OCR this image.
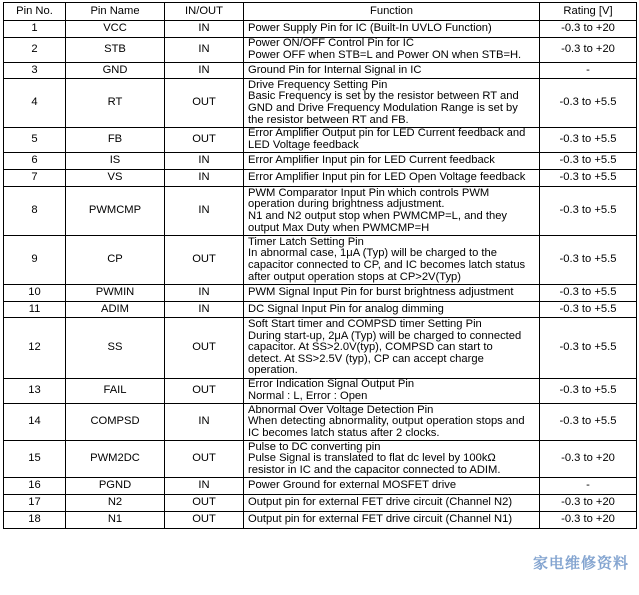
Pin No.	Pin Name	IN/OUT	Function	Rating [V]
1	VCC	IN	Power Supply Pin for IC (Built-In UVLO Function)	-0.3 to +20
2	STB	IN	Power ON/OFF Control Pin for IC
Power OFF when STB=L and Power ON when STB=H.	-0.3 to +20
3	GND	IN	Ground Pin for Internal Signal in IC	-
4	RT	OUT	Drive Frequency Setting Pin
Basic Frequency is set by the resistor between RT and
GND and Drive Frequency Modulation Range is set by
the resistor between RT and FB.	-0.3 to +5.5
5	FB	OUT	Error Amplifier Output pin for LED Current feedback and
LED Voltage feedback	-0.3 to +5.5
6	IS	IN	Error Amplifier Input pin for LED Current feedback	-0.3 to +5.5
7	VS	IN	Error Amplifier Input pin for LED Open Voltage feedback	-0.3 to +5.5
8	PWMCMP	IN	PWM Comparator Input Pin which controls PWM
operation during brightness adjustment.
N1 and N2 output stop when PWMCMP=L, and they
output Max Duty when PWMCMP=H	-0.3 to +5.5
9	CP	OUT	Timer Latch Setting Pin
In abnormal case, 1μA (Typ) will be charged to the
capacitor connected to CP, and IC becomes latch status
after output operation stops at CP>2V(Typ)	-0.3 to +5.5
10	PWMIN	IN	PWM Signal Input Pin for burst brightness adjustment	-0.3 to +5.5
11	ADIM	IN	DC Signal Input Pin for analog dimming	-0.3 to +5.5
12	SS	OUT	Soft Start timer and COMPSD timer Setting Pin
During start-up, 2μA (Typ) will be charged to connected
capacitor. At SS>2.0V(typ), COMPSD can start to
detect. At SS>2.5V (typ), CP can accept charge
operation.	-0.3 to +5.5
13	FAIL	OUT	Error Indication Signal Output Pin
Normal : L, Error : Open	-0.3 to +5.5
14	COMPSD	IN	Abnormal Over Voltage Detection Pin
When detecting abnormality, output operation stops and
IC becomes latch status after 2 clocks.	-0.3 to +5.5
15	PWM2DC	OUT	Pulse to DC converting pin
Pulse Signal is translated to flat dc level by 100kΩ
resistor in IC and the capacitor connected to ADIM.	-0.3 to +20
16	PGND	IN	Power Ground for external MOSFET drive	-
17	N2	OUT	Output pin for external FET drive circuit (Channel N2)	-0.3 to +20
18	N1	OUT	Output pin for external FET drive circuit (Channel N1)	-0.3 to +20
家电维修资料
